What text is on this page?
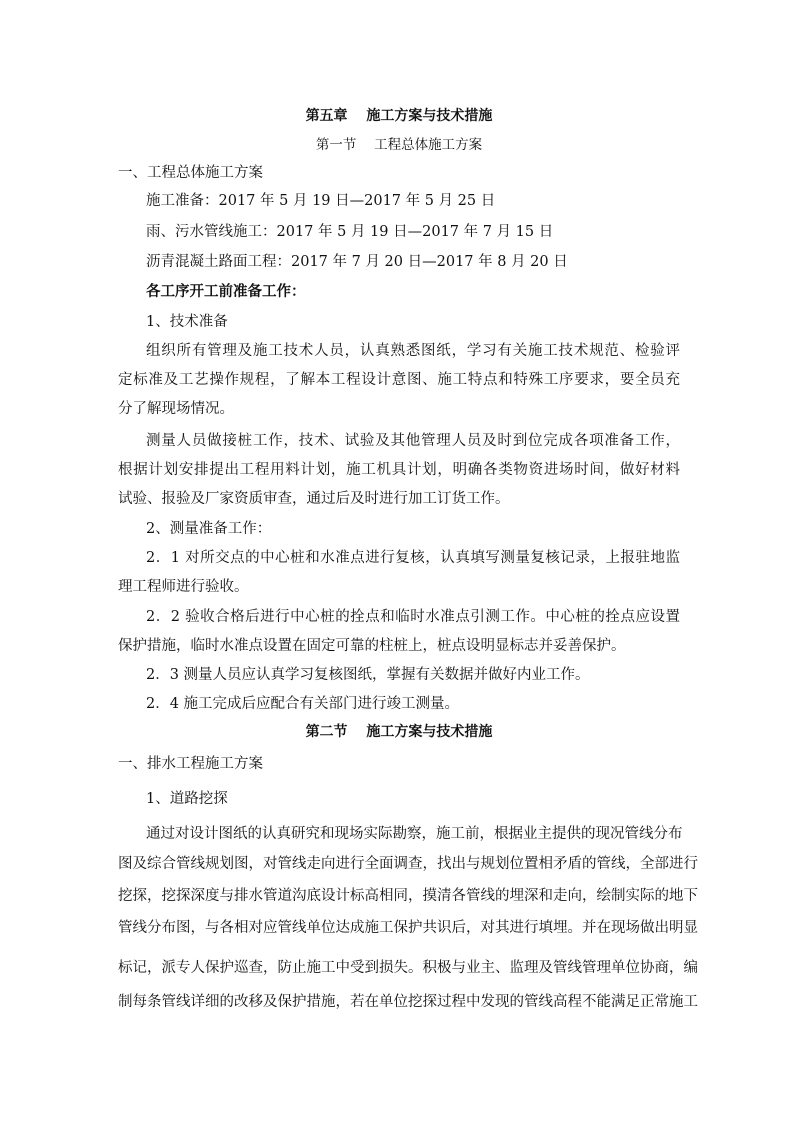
第五章　 施工方案与技术措施
第一节　 工程总体施工方案
一、工程总体施工方案
施工准备：2017 年 5 月 19 日—2017 年 5 月 25 日
雨、污水管线施工：2017 年 5 月 19 日—2017 年 7 月 15 日
沥青混凝土路面工程：2017 年 7 月 20 日—2017 年 8 月 20 日
各工序开工前准备工作：
1、技术准备
组织所有管理及施工技术人员，认真熟悉图纸，学习有关施工技术规范、检验评
定标准及工艺操作规程，了解本工程设计意图、施工特点和特殊工序要求，要全员充
分了解现场情况。
测量人员做接桩工作，技术、试验及其他管理人员及时到位完成各项准备工作，
根据计划安排提出工程用料计划，施工机具计划，明确各类物资进场时间，做好材料
试验、报验及厂家资质审查，通过后及时进行加工订货工作。
2、测量准备工作：
2．1 对所交点的中心桩和水准点进行复核，认真填写测量复核记录，上报驻地监
理工程师进行验收。
2．2 验收合格后进行中心桩的拴点和临时水准点引测工作。中心桩的拴点应设置
保护措施，临时水准点设置在固定可靠的柱桩上，桩点设明显标志并妥善保护。
2．3 测量人员应认真学习复核图纸，掌握有关数据并做好内业工作。
2．4 施工完成后应配合有关部门进行竣工测量。
第二节　 施工方案与技术措施
一、排水工程施工方案
1、道路挖探
通过对设计图纸的认真研究和现场实际勘察，施工前，根据业主提供的现况管线分布
图及综合管线规划图，对管线走向进行全面调查，找出与规划位置相矛盾的管线，全部进行
挖探，挖探深度与排水管道沟底设计标高相同，摸清各管线的埋深和走向，绘制实际的地下
管线分布图，与各相对应管线单位达成施工保护共识后，对其进行填埋。并在现场做出明显
标记，派专人保护巡查，防止施工中受到损失。积极与业主、监理及管线管理单位协商，编
制每条管线详细的改移及保护措施，若在单位挖探过程中发现的管线高程不能满足正常施工
